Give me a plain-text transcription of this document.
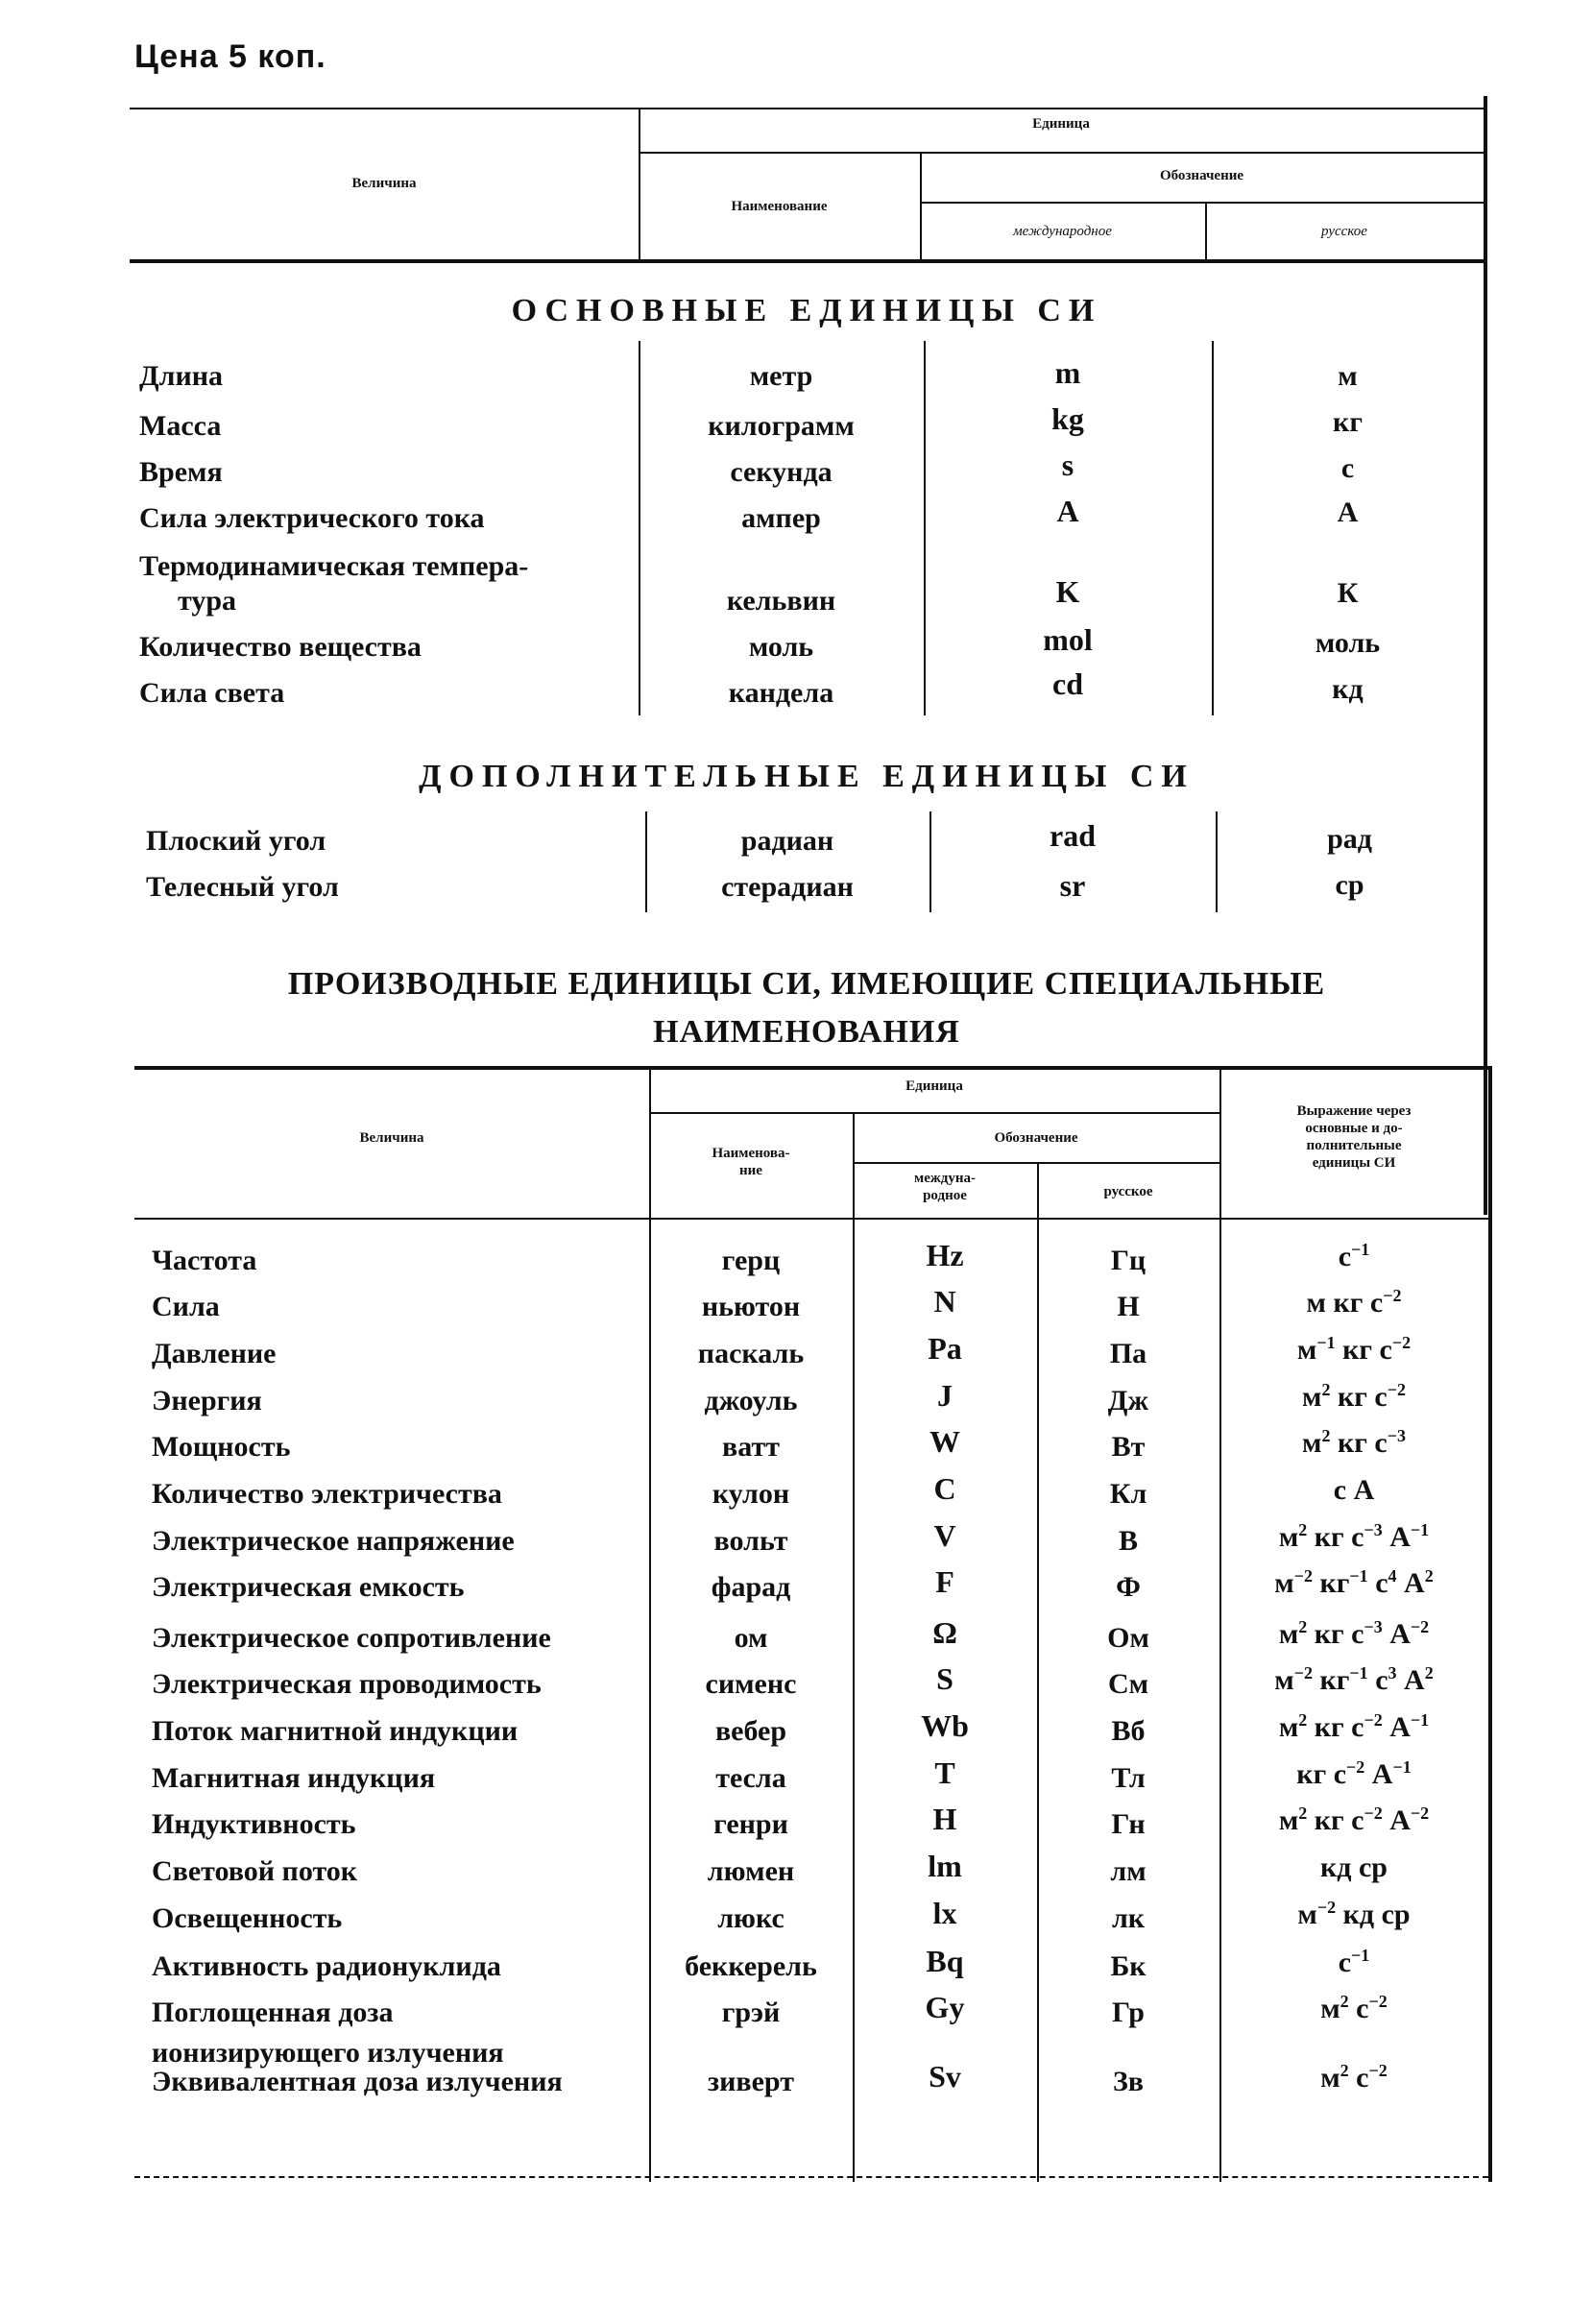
Цена 5 коп.
Величина
Единица
Наименование
Обозначение
международное	русское
ОСНОВНЫЕ ЕДИНИЦЫ СИ
Длина	метр	m	м
Масса	килограмм	kg	кг
Время	секунда	s	с
Сила электрического тока	ампер	A	А
Термодинамическая темпера-
тура	кельвин	K	К
Количество вещества	моль	mol	моль
Сила света	кандела	cd	кд
ДОПОЛНИТЕЛЬНЫЕ ЕДИНИЦЫ СИ
Плоский угол	радиан	rad	рад
Телесный угол	стерадиан	sr	ср
ПРОИЗВОДНЫЕ ЕДИНИЦЫ СИ, ИМЕЮЩИЕ СПЕЦИАЛЬНЫЕ
НАИМЕНОВАНИЯ
Величина
Единица
Наименова-
ние
Обозначение
междуна-
родное	русское
Выражение через
основные и до-
полнительные
единицы СИ
Частота	герц	Hz	Гц	$с^{-1}$
Сила	ньютон	N	Н	м кг $с^{-2}$
Давление	паскаль	Pa	Па	$м^{-1}$ кг $с^{-2}$
Энергия	джоуль	J	Дж	$м^2$ кг $с^{-2}$
Мощность	ватт	W	Вт	$м^2$ кг $с^{-3}$
Количество электричества	кулон	C	Кл	с А
Электрическое напряжение	вольт	V	В	$м^2$ кг $с^{-3}$ $А^{-1}$
Электрическая емкость	фарад	F	Ф	$м^{-2}$ $кг^{-1}$ $с^4$ $А^2$
Электрическое сопротивление	ом	Ω	Ом	$м^2$ кг $с^{-3}$ $А^{-2}$
Электрическая проводимость	сименс	S	См	$м^{-2}$ $кг^{-1}$ $с^3$ $А^2$
Поток магнитной индукции	вебер	Wb	Вб	$м^2$ кг $с^{-2}$ $А^{-1}$
Магнитная индукция	тесла	T	Тл	кг $с^{-2}$ $А^{-1}$
Индуктивность	генри	H	Гн	$м^2$ кг $с^{-2}$ $А^{-2}$
Световой поток	люмен	lm	лм	кд ср
Освещенность	люкс	lx	лк	$м^{-2}$ кд ср
Активность радионуклида	беккерель	Bq	Бк	$с^{-1}$
Поглощенная доза
ионизирующего излучения
грэй	Gy	Гр	$м^2$ $с^{-2}$
Эквивалентная доза излучения	зиверт	Sv	Зв	$м^2$ $с^{-2}$
